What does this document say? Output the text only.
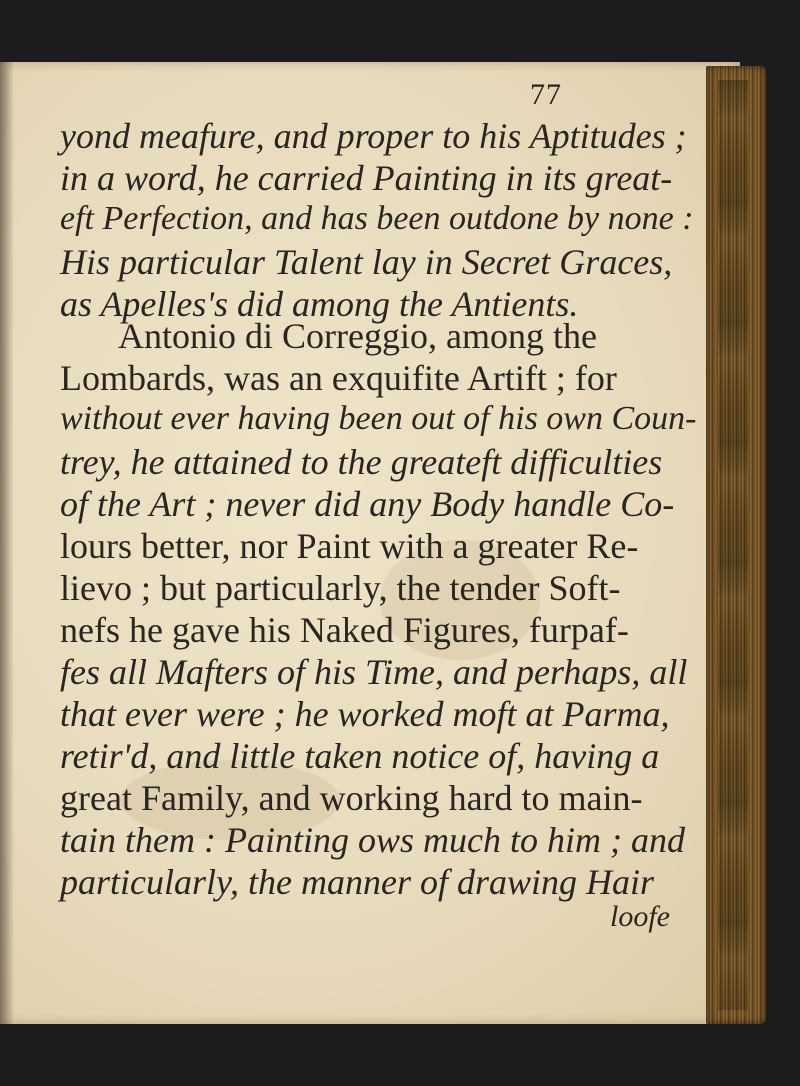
77
yond meafure, and proper to his Aptitudes ;
in a word, he carried Painting in its great-
eft Perfection, and has been outdone by none :
His particular Talent lay in Secret Graces,
as Apelles's did among the Antients.
Antonio di Correggio, among the
Lombards, was an exquifite Artift ; for
without ever having been out of his own Coun-
trey, he attained to the greateft difficulties
of the Art ; never did any Body handle Co-
lours better, nor Paint with a greater Re-
lievo ; but particularly, the tender Soft-
nefs he gave his Naked Figures, furpaf-
fes all Mafters of his Time, and perhaps, all
that ever were ; he worked moft at Parma,
retir'd, and little taken notice of, having a
great Family, and working hard to main-
tain them : Painting ows much to him ; and
particularly, the manner of drawing Hair
loofe
